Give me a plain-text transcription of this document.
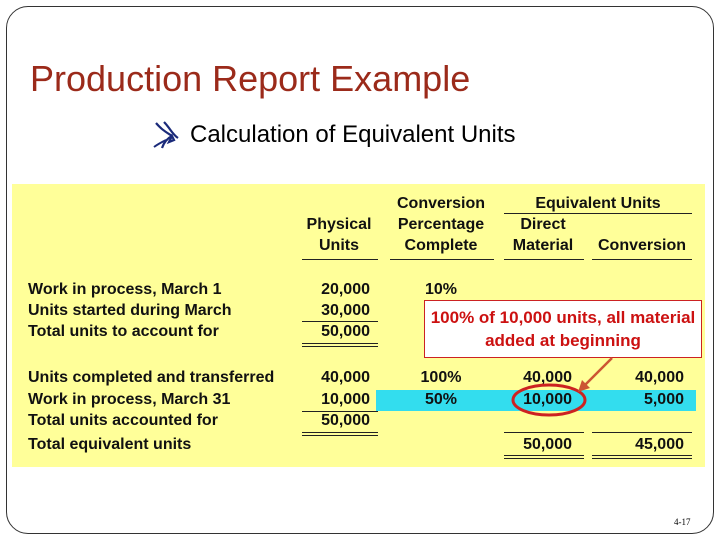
Production Report Example
Calculation of Equivalent Units
Physical
Units
Conversion
Percentage
Complete
Equivalent Units
Direct
Material	Conversion
Work in process, March 1
Units started during March
Total units to account for
Units completed and transferred
Work in process, March 31
Total units accounted for
Total equivalent units
20,000
30,000
50,000
40,000
10,000
50,000
10%
100%
50%
40,000
10,000
50,000
40,000
5,000
45,000
100% of 10,000 units, all material added at beginning
4-17
